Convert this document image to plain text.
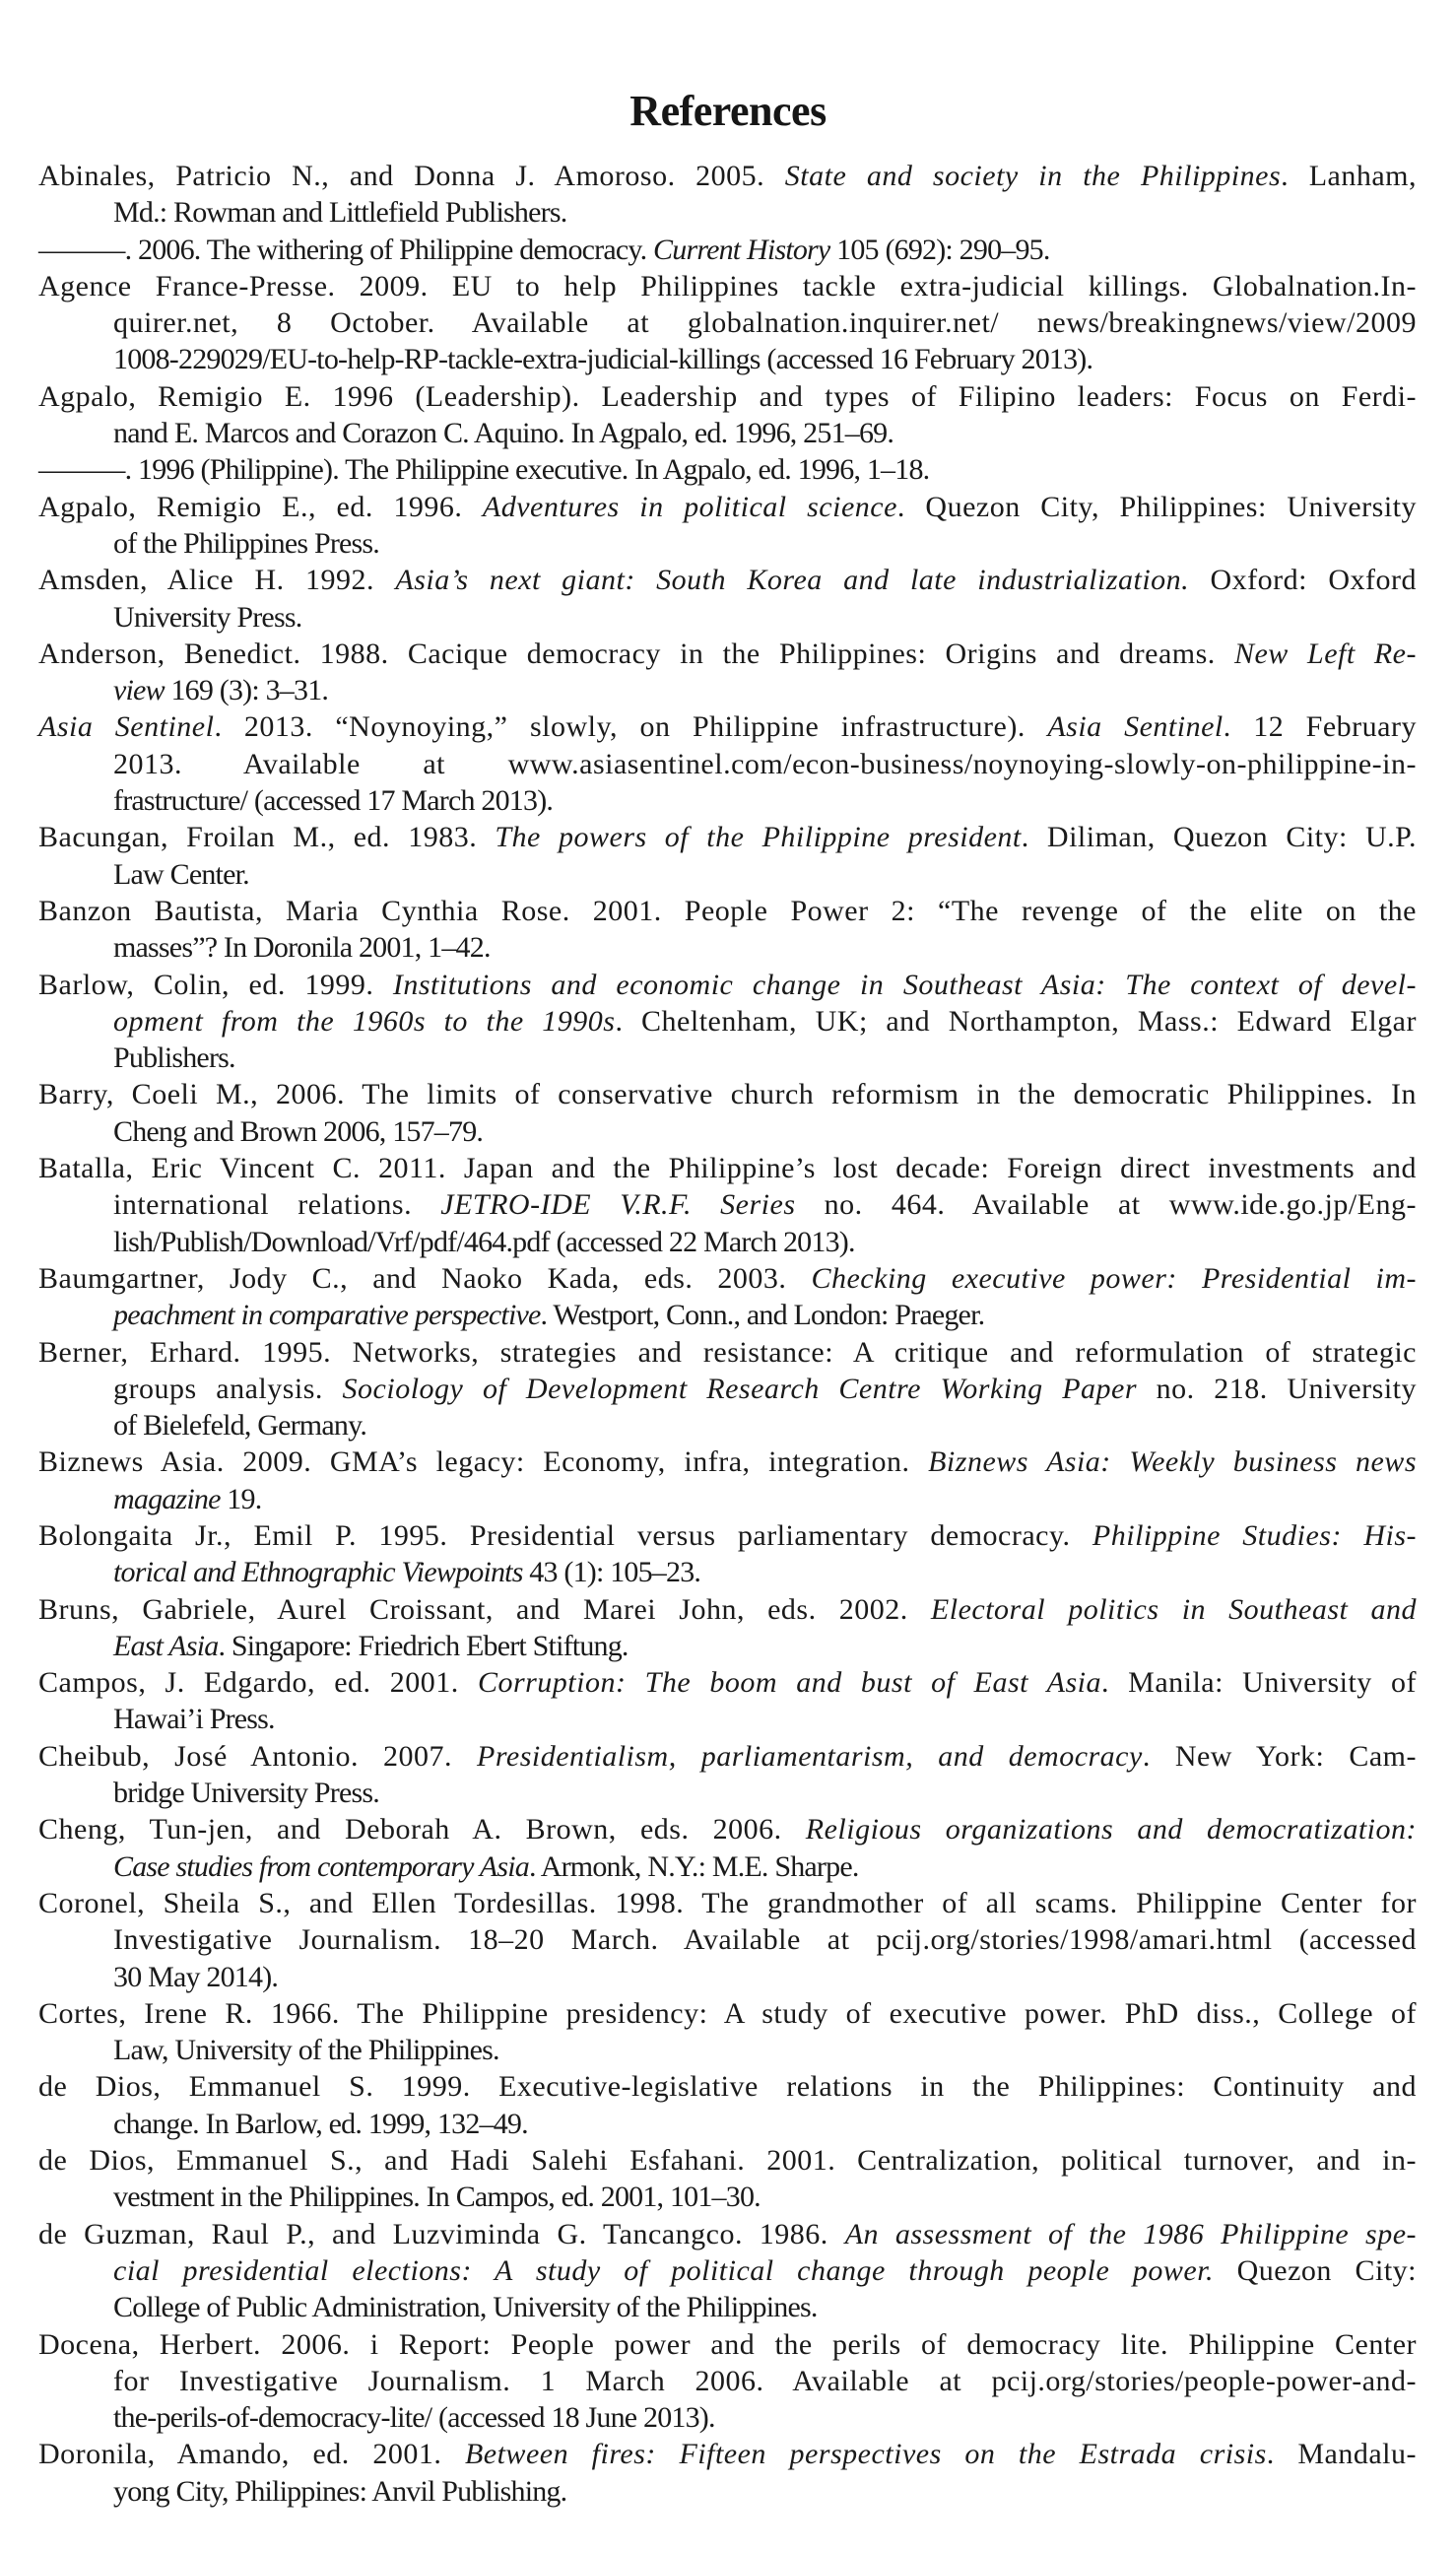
References

Abinales, Patricio N., and Donna J. Amoroso. 2005. State and society in the Philippines. Lanham,
Md.: Rowman and Littlefield Publishers.

———. 2006. The withering of Philippine democracy. Current History 105 (692): 290–95.

Agence France-Presse. 2009. EU to help Philippines tackle extra-judicial killings. Globalnation.In-
quirer.net, 8 October. Available at globalnation.inquirer.net/ news/breakingnews/view/2009
1008-229029/EU-to-help-RP-tackle-extra-judicial-killings (accessed 16 February 2013).

Agpalo, Remigio E. 1996 (Leadership). Leadership and types of Filipino leaders: Focus on Ferdi-
nand E. Marcos and Corazon C. Aquino. In Agpalo, ed. 1996, 251–69.

———. 1996 (Philippine). The Philippine executive. In Agpalo, ed. 1996, 1–18.

Agpalo, Remigio E., ed. 1996. Adventures in political science. Quezon City, Philippines: University
of the Philippines Press.

Amsden, Alice H. 1992. Asia’s next giant: South Korea and late industrialization. Oxford: Oxford
University Press.

Anderson, Benedict. 1988. Cacique democracy in the Philippines: Origins and dreams. New Left Re-
view 169 (3): 3–31.

Asia Sentinel. 2013. “Noynoying,” slowly, on Philippine infrastructure). Asia Sentinel. 12 February
2013. Available at www.asiasentinel.com/econ-business/noynoying-slowly-on-philippine-in-
frastructure/ (accessed 17 March 2013).

Bacungan, Froilan M., ed. 1983. The powers of the Philippine president. Diliman, Quezon City: U.P.
Law Center.

Banzon Bautista, Maria Cynthia Rose. 2001. People Power 2: “The revenge of the elite on the
masses”? In Doronila 2001, 1–42.

Barlow, Colin, ed. 1999. Institutions and economic change in Southeast Asia: The context of devel-
opment from the 1960s to the 1990s. Cheltenham, UK; and Northampton, Mass.: Edward Elgar
Publishers.

Barry, Coeli M., 2006. The limits of conservative church reformism in the democratic Philippines. In
Cheng and Brown 2006, 157–79.

Batalla, Eric Vincent C. 2011. Japan and the Philippine’s lost decade: Foreign direct investments and
international relations. JETRO-IDE V.R.F. Series no. 464. Available at www.ide.go.jp/Eng-
lish/Publish/Download/Vrf/pdf/464.pdf (accessed 22 March 2013).

Baumgartner, Jody C., and Naoko Kada, eds. 2003. Checking executive power: Presidential im-
peachment in comparative perspective. Westport, Conn., and London: Praeger.

Berner, Erhard. 1995. Networks, strategies and resistance: A critique and reformulation of strategic
groups analysis. Sociology of Development Research Centre Working Paper no. 218. University
of Bielefeld, Germany.

Biznews Asia. 2009. GMA’s legacy: Economy, infra, integration. Biznews Asia: Weekly business news
magazine 19.

Bolongaita Jr., Emil P. 1995. Presidential versus parliamentary democracy. Philippine Studies: His-
torical and Ethnographic Viewpoints 43 (1): 105–23.

Bruns, Gabriele, Aurel Croissant, and Marei John, eds. 2002. Electoral politics in Southeast and
East Asia. Singapore: Friedrich Ebert Stiftung.

Campos, J. Edgardo, ed. 2001. Corruption: The boom and bust of East Asia. Manila: University of
Hawai’i Press.

Cheibub, José Antonio. 2007. Presidentialism, parliamentarism, and democracy. New York: Cam-
bridge University Press.

Cheng, Tun-jen, and Deborah A. Brown, eds. 2006. Religious organizations and democratization:
Case studies from contemporary Asia. Armonk, N.Y.: M.E. Sharpe.

Coronel, Sheila S., and Ellen Tordesillas. 1998. The grandmother of all scams. Philippine Center for
Investigative Journalism. 18–20 March. Available at pcij.org/stories/1998/amari.html (accessed
30 May 2014).

Cortes, Irene R. 1966. The Philippine presidency: A study of executive power. PhD diss., College of
Law, University of the Philippines.

de Dios, Emmanuel S. 1999. Executive-legislative relations in the Philippines: Continuity and
change. In Barlow, ed. 1999, 132–49.

de Dios, Emmanuel S., and Hadi Salehi Esfahani. 2001. Centralization, political turnover, and in-
vestment in the Philippines. In Campos, ed. 2001, 101–30.

de Guzman, Raul P., and Luzviminda G. Tancangco. 1986. An assessment of the 1986 Philippine spe-
cial presidential elections: A study of political change through people power. Quezon City:
College of Public Administration, University of the Philippines.

Docena, Herbert. 2006. i Report: People power and the perils of democracy lite. Philippine Center
for Investigative Journalism. 1 March 2006. Available at pcij.org/stories/people-power-and-
the-perils-of-democracy-lite/ (accessed 18 June 2013).

Doronila, Amando, ed. 2001. Between fires: Fifteen perspectives on the Estrada crisis. Mandalu-
yong City, Philippines: Anvil Publishing.
